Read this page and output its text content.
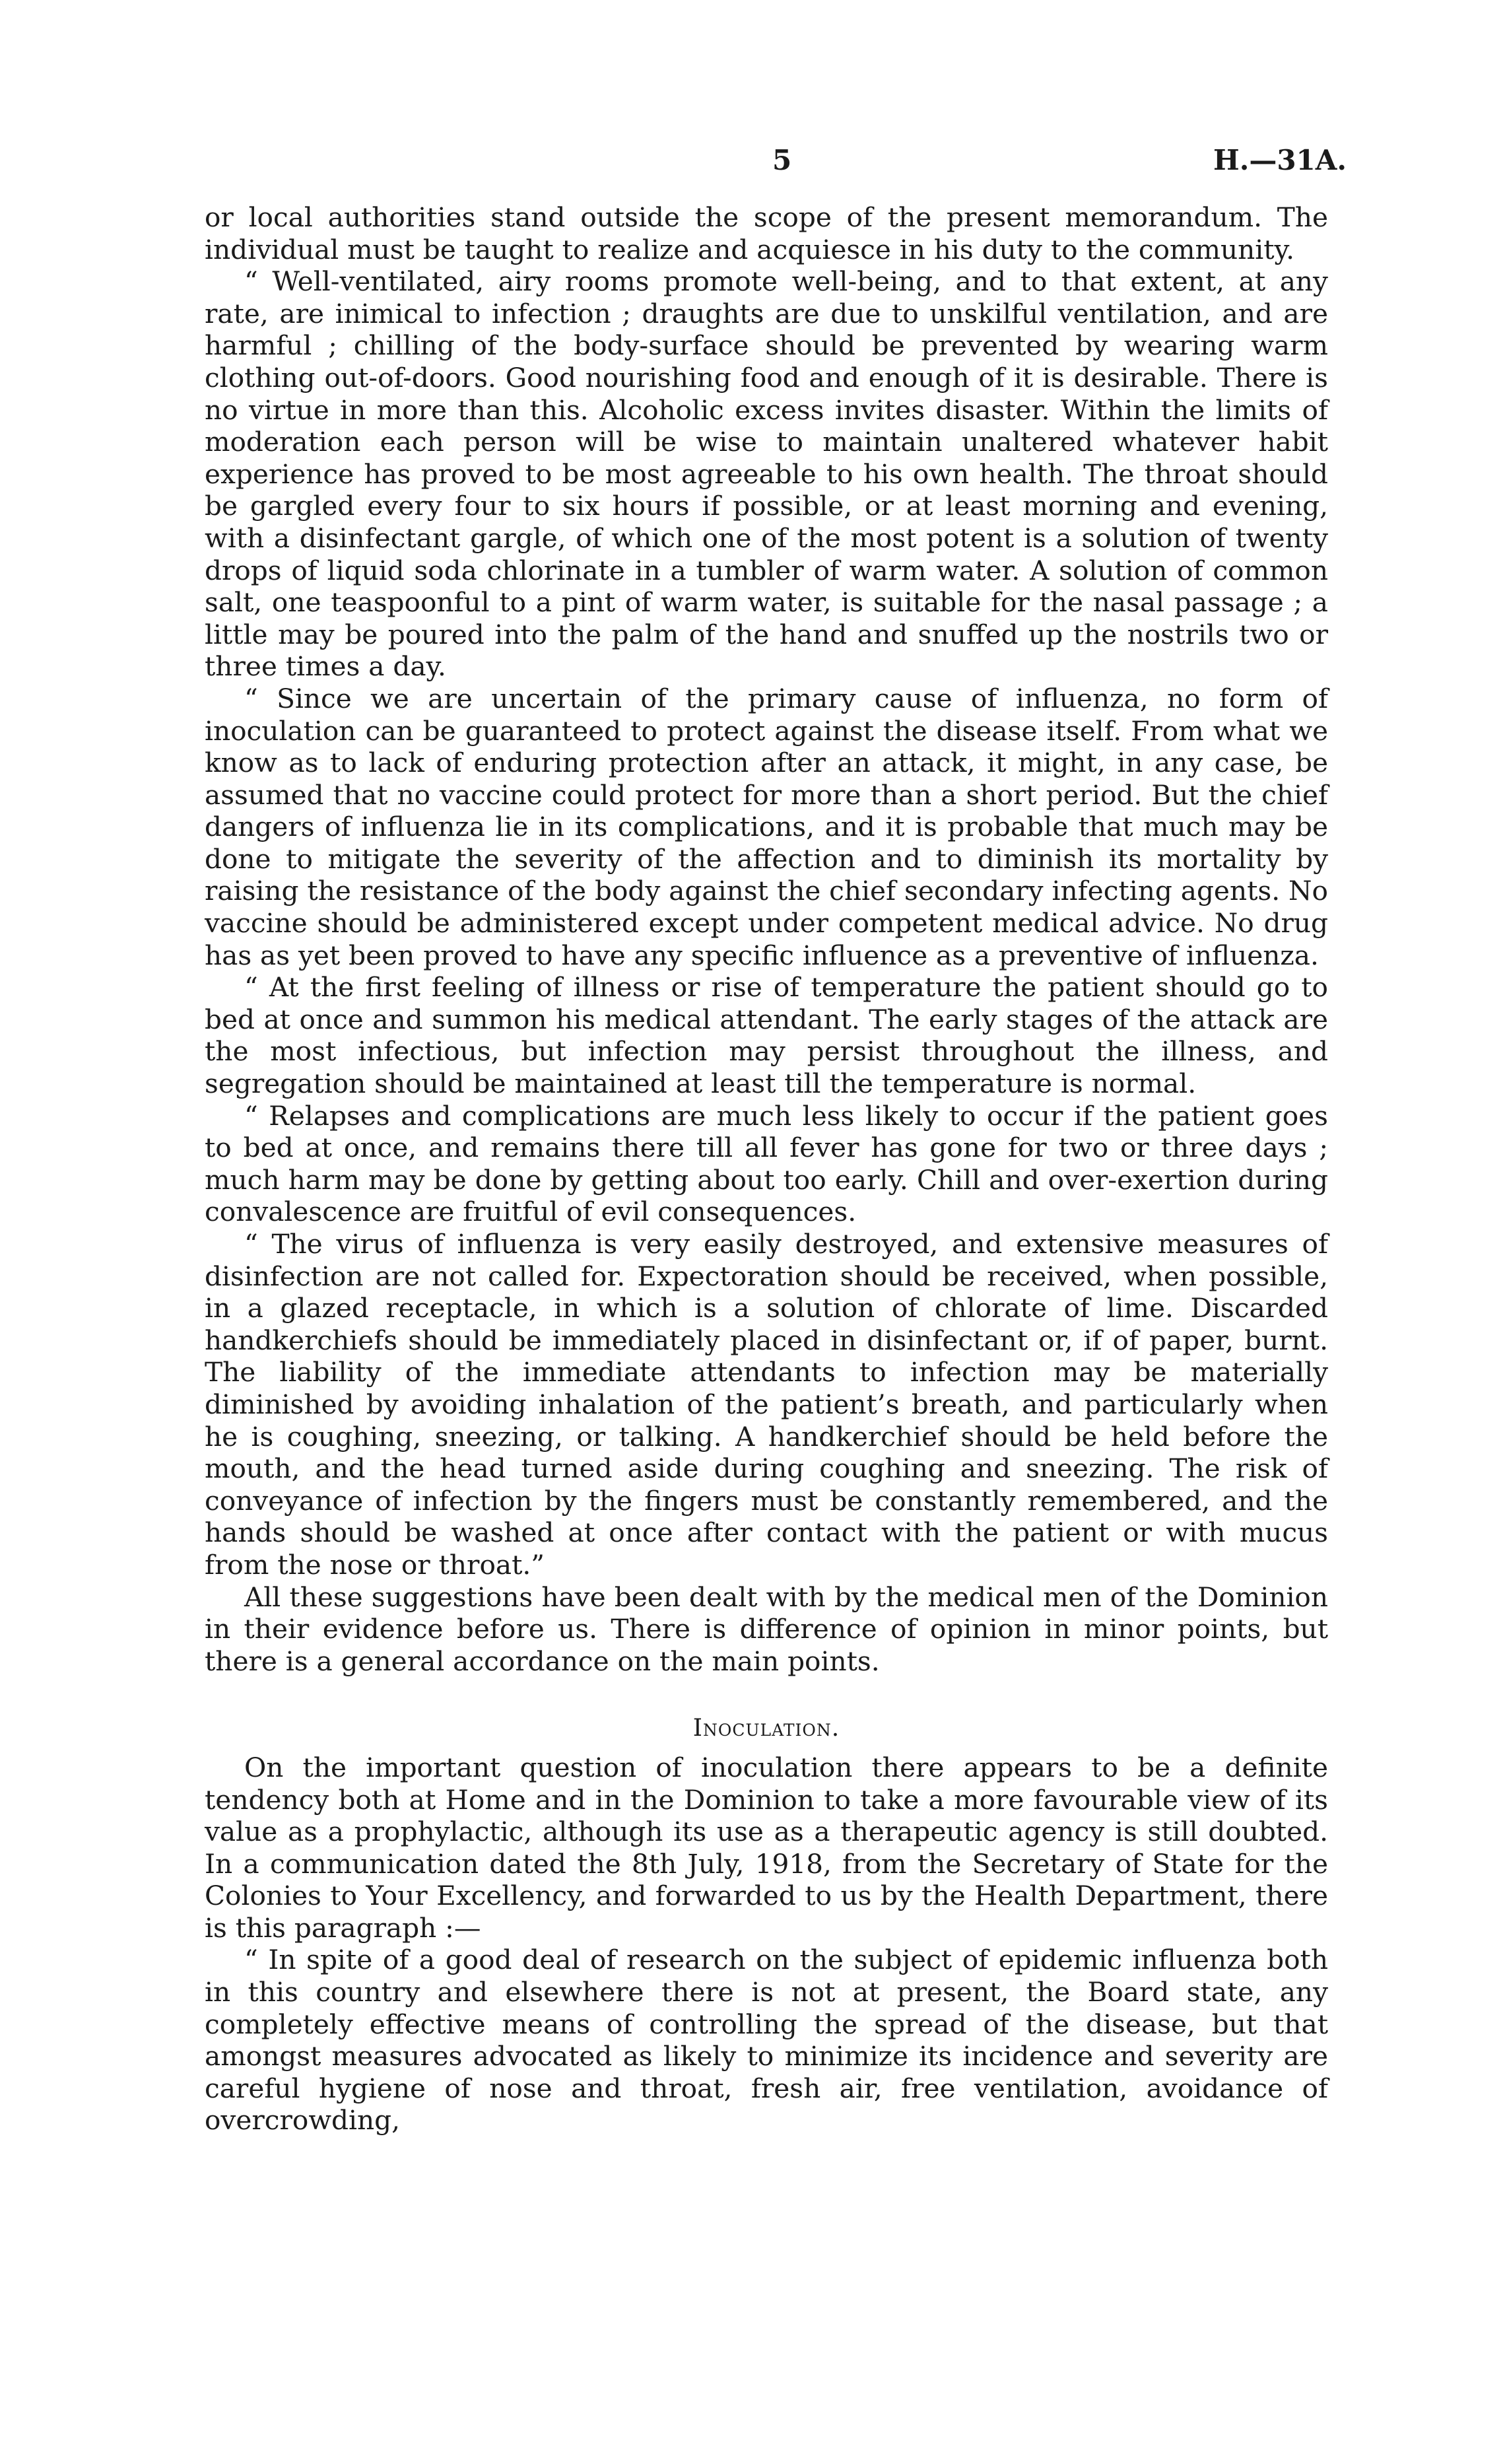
5	H.—31A.

or local authorities stand outside the scope of the present memorandum. The individual must be taught to realize and acquiesce in his duty to the community.

“ Well-ventilated, airy rooms promote well-being, and to that extent, at any rate, are inimical to infection ; draughts are due to unskilful ventilation, and are harmful ; chilling of the body-surface should be prevented by wearing warm clothing out-of-doors. Good nourishing food and enough of it is desirable. There is no virtue in more than this. Alcoholic excess invites disaster. Within the limits of moderation each person will be wise to maintain unaltered whatever habit experience has proved to be most agreeable to his own health. The throat should be gargled every four to six hours if possible, or at least morning and evening, with a disinfectant gargle, of which one of the most potent is a solution of twenty drops of liquid soda chlorinate in a tumbler of warm water. A solution of common salt, one teaspoonful to a pint of warm water, is suitable for the nasal passage ; a little may be poured into the palm of the hand and snuffed up the nostrils two or three times a day.

“ Since we are uncertain of the primary cause of influenza, no form of inoculation can be guaranteed to protect against the disease itself. From what we know as to lack of enduring protection after an attack, it might, in any case, be assumed that no vaccine could protect for more than a short period. But the chief dangers of influenza lie in its complications, and it is probable that much may be done to mitigate the severity of the affection and to diminish its mortality by raising the resistance of the body against the chief secondary infecting agents. No vaccine should be administered except under competent medical advice. No drug has as yet been proved to have any specific influence as a preventive of influenza.

“ At the first feeling of illness or rise of temperature the patient should go to bed at once and summon his medical attendant. The early stages of the attack are the most infectious, but infection may persist throughout the illness, and segregation should be maintained at least till the temperature is normal.

“ Relapses and complications are much less likely to occur if the patient goes to bed at once, and remains there till all fever has gone for two or three days ; much harm may be done by getting about too early. Chill and over-exertion during convalescence are fruitful of evil consequences.

“ The virus of influenza is very easily destroyed, and extensive measures of disinfection are not called for. Expectoration should be received, when possible, in a glazed receptacle, in which is a solution of chlorate of lime. Discarded handkerchiefs should be immediately placed in disinfectant or, if of paper, burnt. The liability of the immediate attendants to infection may be materially diminished by avoiding inhalation of the patient’s breath, and particularly when he is coughing, sneezing, or talking. A handkerchief should be held before the mouth, and the head turned aside during coughing and sneezing. The risk of conveyance of infection by the fingers must be constantly remembered, and the hands should be washed at once after contact with the patient or with mucus from the nose or throat.”

All these suggestions have been dealt with by the medical men of the Dominion in their evidence before us. There is difference of opinion in minor points, but there is a general accordance on the main points.

Inoculation.

On the important question of inoculation there appears to be a definite tendency both at Home and in the Dominion to take a more favourable view of its value as a prophylactic, although its use as a therapeutic agency is still doubted. In a communication dated the 8th July, 1918, from the Secretary of State for the Colonies to Your Excellency, and forwarded to us by the Health Department, there is this paragraph :—

“ In spite of a good deal of research on the subject of epidemic influenza both in this country and elsewhere there is not at present, the Board state, any completely effective means of controlling the spread of the disease, but that amongst measures advocated as likely to minimize its incidence and severity are careful hygiene of nose and throat, fresh air, free ventilation, avoidance of overcrowding,
